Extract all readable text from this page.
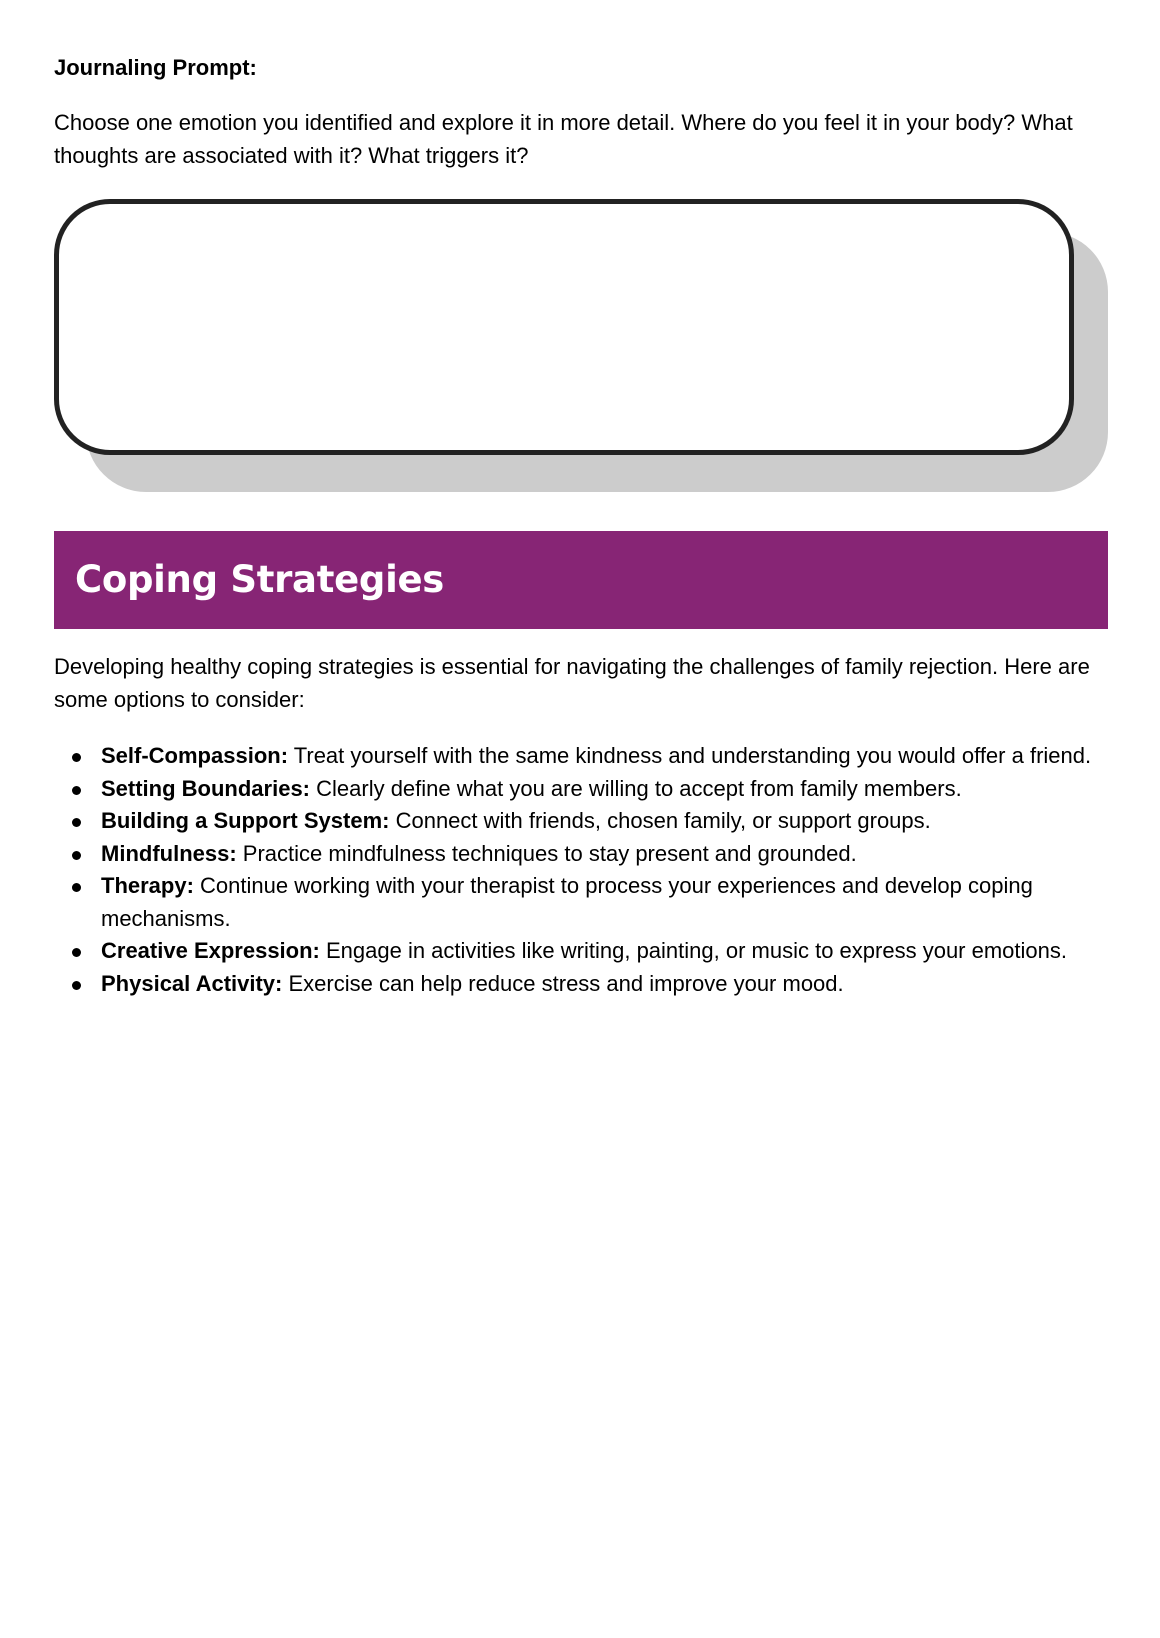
Journaling Prompt:

Choose one emotion you identified and explore it in more detail. Where do you feel it in your body? What thoughts are associated with it? What triggers it?

Coping Strategies

Developing healthy coping strategies is essential for navigating the challenges of family rejection. Here are some options to consider:

Self-Compassion: Treat yourself with the same kindness and understanding you would offer a friend.
Setting Boundaries: Clearly define what you are willing to accept from family members.
Building a Support System: Connect with friends, chosen family, or support groups.
Mindfulness: Practice mindfulness techniques to stay present and grounded.
Therapy: Continue working with your therapist to process your experiences and develop coping mechanisms.
Creative Expression: Engage in activities like writing, painting, or music to express your emotions.
Physical Activity: Exercise can help reduce stress and improve your mood.
